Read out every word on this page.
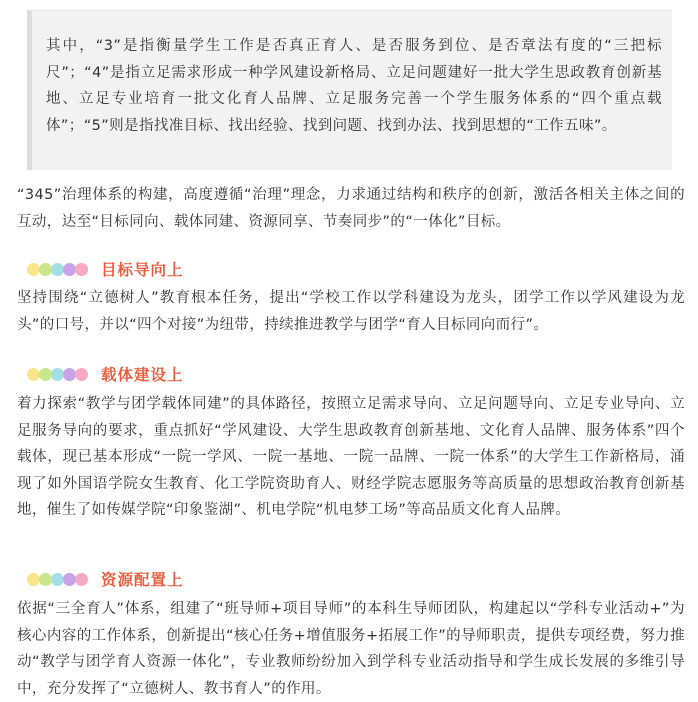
其中，“3”是指衡量学生工作是否真正育人、是否服务到位、是否章法有度的“三把标尺”；“4”是指立足需求形成一种学风建设新格局、立足问题建好一批大学生思政教育创新基地、立足专业培育一批文化育人品牌、立足服务完善一个学生服务体系的“四个重点载体”；“5”则是指找准目标、找出经验、找到问题、找到办法、找到思想的“工作五味”。

“345”治理体系的构建，高度遵循“治理”理念，力求通过结构和秩序的创新，激活各相关主体之间的互动，达至“目标同向、载体同建、资源同享、节奏同步”的“一体化”目标。

目标导向上

坚持围绕“立德树人”教育根本任务，提出“学校工作以学科建设为龙头，团学工作以学风建设为龙头”的口号，并以“四个对接”为纽带，持续推进教学与团学“育人目标同向而行”。

载体建设上

着力探索“教学与团学载体同建”的具体路径，按照立足需求导向、立足问题导向、立足专业导向、立足服务导向的要求，重点抓好“学风建设、大学生思政教育创新基地、文化育人品牌、服务体系”四个载体，现已基本形成“一院一学风、一院一基地、一院一品牌、一院一体系”的大学生工作新格局，涌现了如外国语学院女生教育、化工学院资助育人、财经学院志愿服务等高质量的思想政治教育创新基地，催生了如传媒学院“印象鉴湖”、机电学院“机电梦工场”等高品质文化育人品牌。

资源配置上

依据“三全育人”体系，组建了“班导师+项目导师”的本科生导师团队，构建起以“学科专业活动+”为核心内容的工作体系，创新提出“核心任务+增值服务+拓展工作”的导师职责，提供专项经费，努力推动“教学与团学育人资源一体化”，专业教师纷纷加入到学科专业活动指导和学生成长发展的多维引导中，充分发挥了“立德树人、教书育人”的作用。
